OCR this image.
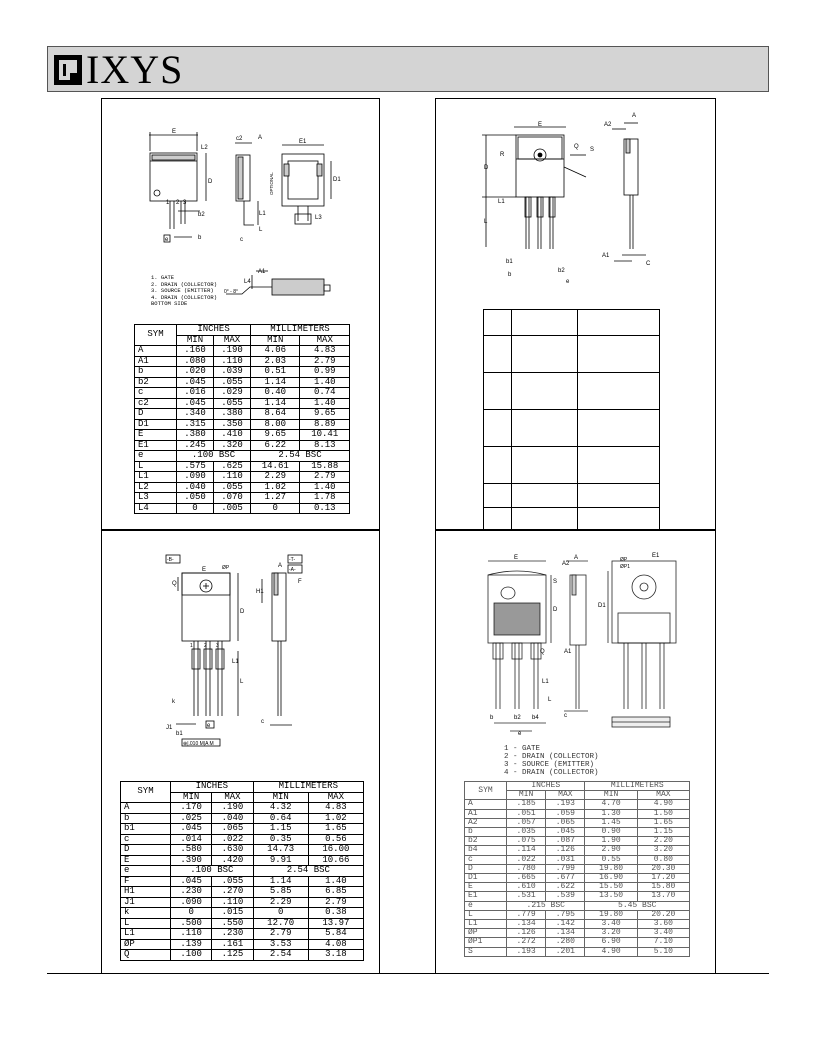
IXYS
E
L2
D
1 2 3
b2
e	b
c2	A
L1
L
c
E1
D1
L3
OPTIONAL
A1
L4
0° - 8°
1. GATE
2. DRAIN (COLLECTOR)
3. SOURCE (EMITTER)
4. DRAIN (COLLECTOR)
BOTTOM SIDE
SYM	INCHES		MILLIMETERS	
	MIN	MAX	MIN	MAX
A	.160	.190	4.06	4.83
A1	.080	.110	2.03	2.79
b	.020	.039	0.51	0.99
b2	.045	.055	1.14	1.40
c	.016	.029	0.40	0.74
c2	.045	.055	1.14	1.40
D	.340	.380	8.64	9.65
D1	.315	.350	8.00	8.89
E	.380	.410	9.65	10.41
E1	.245	.320	6.22	8.13
e	.100 BSC		2.54 BSC	
L	.575	.625	14.61	15.88
L1	.090	.110	2.29	2.79
L2	.040	.055	1.02	1.40
L3	.050	.070	1.27	1.78
L4	0	.005	0	0.13
E
A
A2
Q S
R
D
L1
L
b1
b
b2
e
A1
C

-B-	-T-
-A-
E	ØP
Q
H1
D
F
A
1 2 3
L1
L
k
J1
c
b1
e
⊕|.010 M|A M
SYM	INCHES		MILLIMETERS	
	MIN	MAX	MIN	MAX
A	.170	.190	4.32	4.83
b	.025	.040	0.64	1.02
b1	.045	.065	1.15	1.65
c	.014	.022	0.35	0.56
D	.580	.630	14.73	16.00
E	.390	.420	9.91	10.66
e	.100 BSC		2.54 BSC	
F	.045	.055	1.14	1.40
H1	.230	.270	5.85	6.85
J1	.090	.110	2.29	2.79
k	0	.015	0	0.38
L	.500	.550	12.70	13.97
L1	.110	.230	2.79	5.84
ØP	.139	.161	3.53	4.08
Q	.100	.125	2.54	3.18
E
A2
A	ØP
ØP1
E1
S
D
D1
Q
L1
L
b	b2 b4
e
c
A1
1 - GATE
2 - DRAIN (COLLECTOR)
3 - SOURCE (EMITTER)
4 - DRAIN (COLLECTOR)
SYM	INCHES		MILLIMETERS	
	MIN	MAX	MIN	MAX
A	.185	.193	4.70	4.90
A1	.051	.059	1.30	1.50
A2	.057	.065	1.45	1.65
b	.035	.045	0.90	1.15
b2	.075	.087	1.90	2.20
b4	.114	.126	2.90	3.20
c	.022	.031	0.55	0.80
D	.780	.799	19.80	20.30
D1	.665	.677	16.90	17.20
E	.610	.622	15.50	15.80
E1	.531	.539	13.50	13.70
e	.215 BSC		5.45 BSC	
L	.779	.795	19.80	20.20
L1	.134	.142	3.40	3.60
ØP	.126	.134	3.20	3.40
ØP1	.272	.280	6.90	7.10
S	.193	.201	4.90	5.10
